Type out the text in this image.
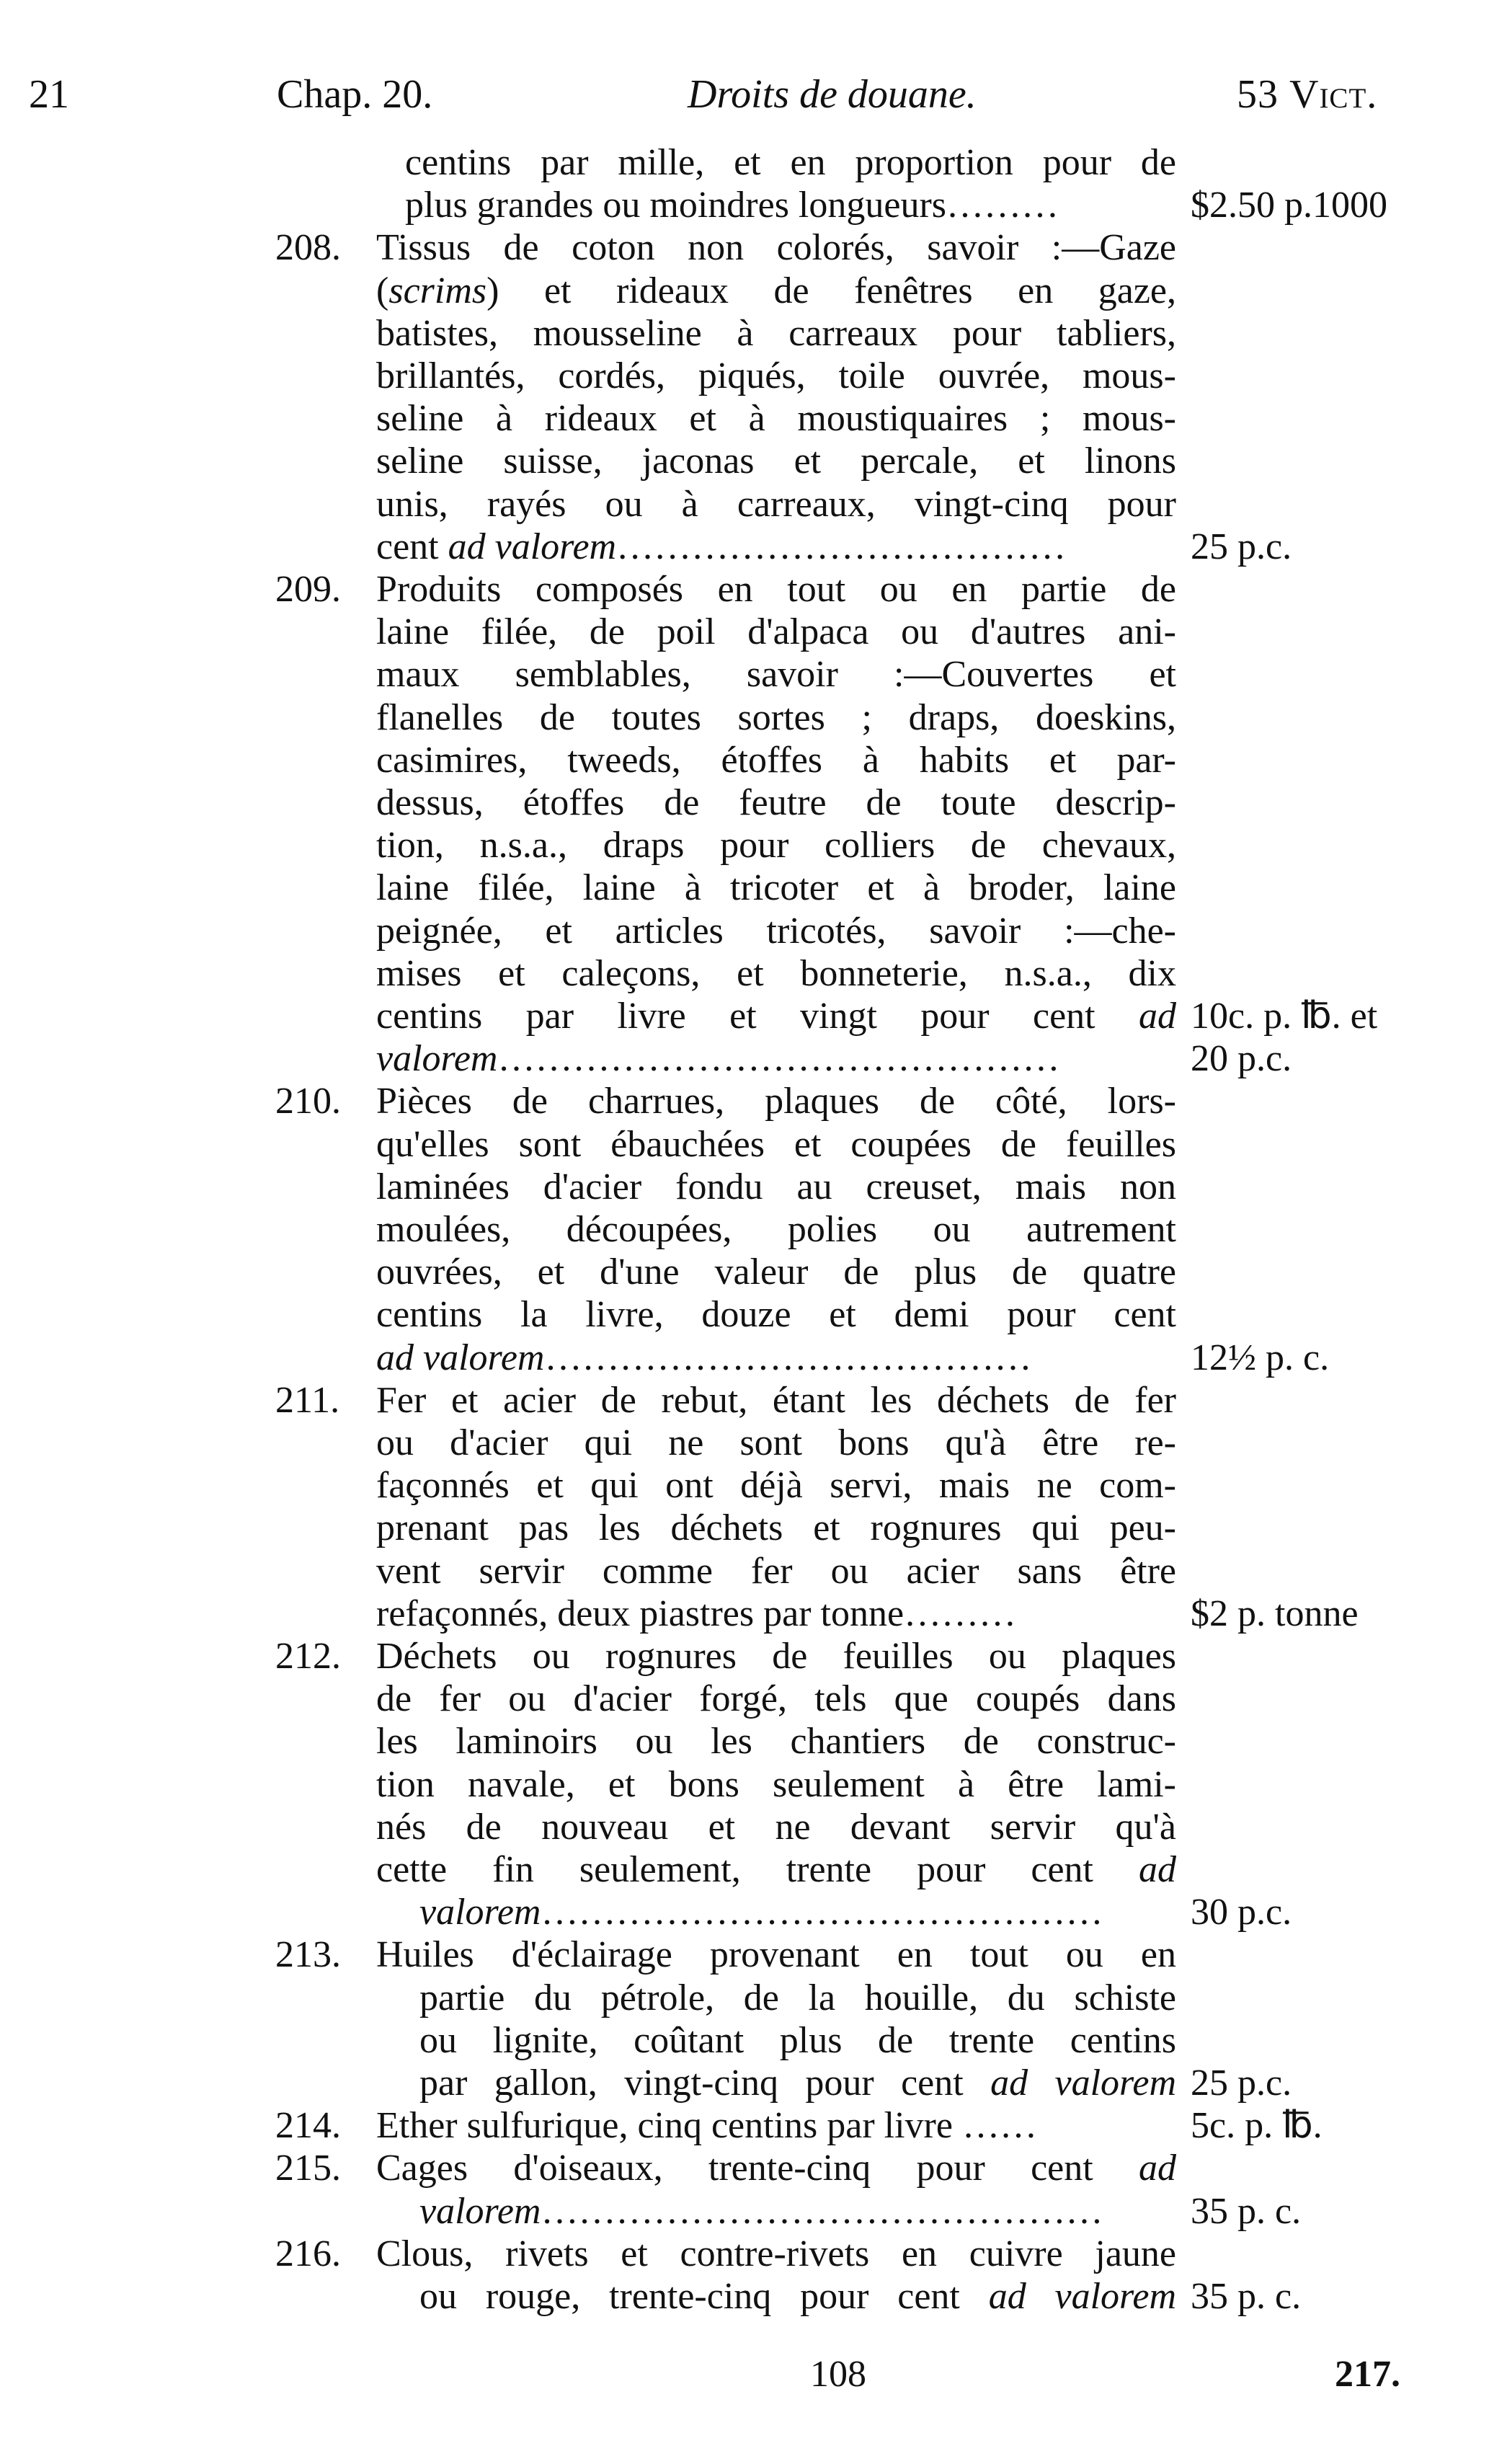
21	Chap. 20.	Droits de douane.	53 Vict.
centins par mille, et en proportion pour de
plus grandes ou moindres longueurs………	$2.50 p.1000
208. Tissus de coton non colorés, savoir :—Gaze
(scrims) et rideaux de fenêtres en gaze,
batistes, mousseline à carreaux pour tabliers,
brillantés, cordés, piqués, toile ouvrée, mous-
seline à rideaux et à moustiquaires ; mous-
seline suisse, jaconas et percale, et linons
unis, rayés ou à carreaux, vingt-cinq pour
cent ad valorem………………………………	25 p.c.
209. Produits composés en tout ou en partie de
laine filée, de poil d'alpaca ou d'autres ani-
maux semblables, savoir :—Couvertes et
flanelles de toutes sortes ; draps, doeskins,
casimires, tweeds, étoffes à habits et par-
dessus, étoffes de feutre de toute descrip-
tion, n.s.a., draps pour colliers de chevaux,
laine filée, laine à tricoter et à broder, laine
peignée, et articles tricotés, savoir :—che-
mises et caleçons, et bonneterie, n.s.a., dix
centins par livre et vingt pour cent ad 10c. p. ℔. et
valorem………………………………………	20 p.c.
210. Pièces de charrues, plaques de côté, lors-
qu'elles sont ébauchées et coupées de feuilles
laminées d'acier fondu au creuset, mais non
moulées, découpées, polies ou autrement
ouvrées, et d'une valeur de plus de quatre
centins la livre, douze et demi pour cent
ad valorem…………………………………	12½ p. c.
211. Fer et acier de rebut, étant les déchets de fer
ou d'acier qui ne sont bons qu'à être re-
façonnés et qui ont déjà servi, mais ne com-
prenant pas les déchets et rognures qui peu-
vent servir comme fer ou acier sans être
refaçonnés, deux piastres par tonne………	$2 p. tonne
212. Déchets ou rognures de feuilles ou plaques
de fer ou d'acier forgé, tels que coupés dans
les laminoirs ou les chantiers de construc-
tion navale, et bons seulement à être lami-
nés de nouveau et ne devant servir qu'à
cette fin seulement, trente pour cent ad
valorem………………………………………	30 p.c.
213. Huiles d'éclairage provenant en tout ou en
partie du pétrole, de la houille, du schiste
ou lignite, coûtant plus de trente centins
par gallon, vingt-cinq pour cent ad valorem 25 p.c.
214. Ether sulfurique, cinq centins par livre ……	5c. p. ℔.
215. Cages d'oiseaux, trente-cinq pour cent ad
valorem………………………………………	35 p. c.
216. Clous, rivets et contre-rivets en cuivre jaune
ou rouge, trente-cinq pour cent ad valorem 35 p. c.
108	217.
